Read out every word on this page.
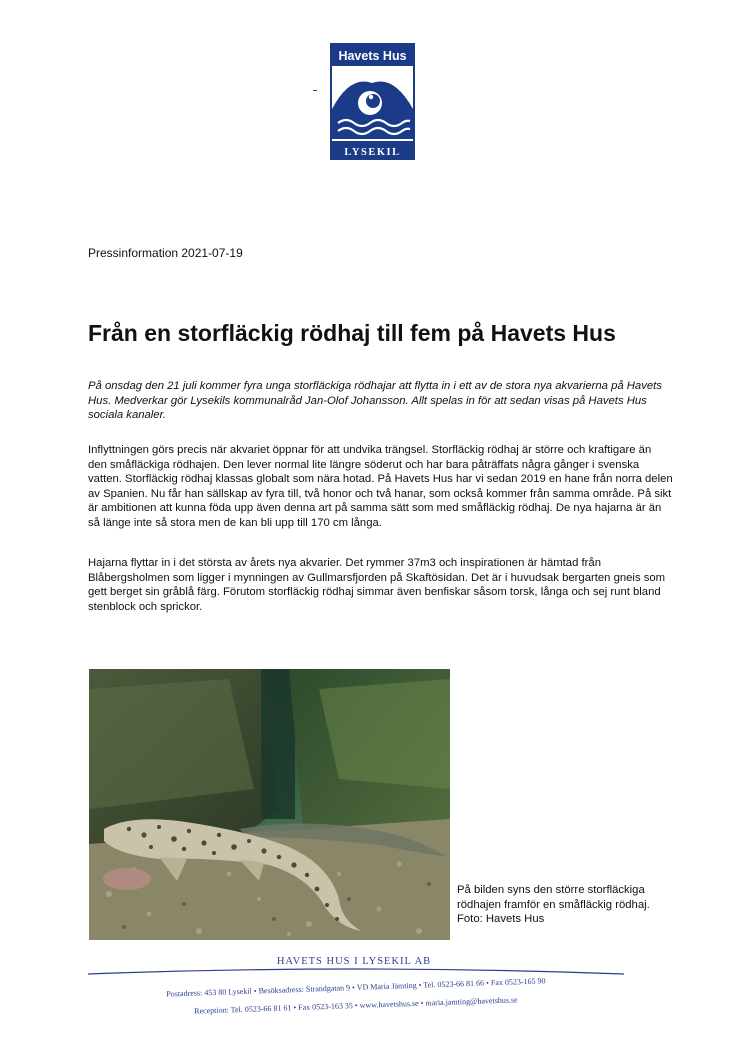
Havets Hus
LYSEKIL
Pressinformation 2021-07-19
Från en storfläckig rödhaj till fem på Havets Hus

På onsdag den 21 juli kommer fyra unga storfläckiga rödhajar att flytta in i ett av de stora nya akvarierna på Havets Hus. Medverkar gör Lysekils kommunalråd Jan-Olof Johansson. Allt spelas in för att sedan visas på Havets Hus sociala kanaler.

Inflyttningen görs precis när akvariet öppnar för att undvika trängsel. Storfläckig rödhaj är större och kraftigare än den småfläckiga rödhajen. Den lever normal lite längre söderut och har bara påträffats några gånger i svenska vatten. Storfläckig rödhaj klassas globalt som nära hotad. På Havets Hus har vi sedan 2019 en hane från norra delen av Spanien. Nu får han sällskap av fyra till, två honor och två hanar, som också kommer från samma område. På sikt är ambitionen att kunna föda upp även denna art på samma sätt som med småfläckig rödhaj. De nya hajarna är än så länge inte så stora men de kan bli upp till 170 cm långa.

Hajarna flyttar in i det största av årets nya akvarier. Det rymmer 37m3 och inspirationen är hämtad från Blåbergsholmen som ligger i mynningen av Gullmarsfjorden på Skaftösidan. Det är i huvudsak bergarten gneis som gett berget sin gråblå färg. Förutom storfläckig rödhaj simmar även benfiskar såsom torsk, långa och sej runt bland stenblock och sprickor.

På bilden syns den större storfläckiga rödhajen framför en småfläckig rödhaj. Foto: Havets Hus

HAVETS HUS I LYSEKIL AB
Postadress: 453 80 Lysekil • Besöksadress: Strandgatan 9 • VD Maria Jämting • Tel. 0523-66 81 66 • Fax 0523-165 90
Reception: Tel. 0523-66 81 61 • Fax 0523-163 35 • www.havetshus.se • maria.jamting@havetshus.se
